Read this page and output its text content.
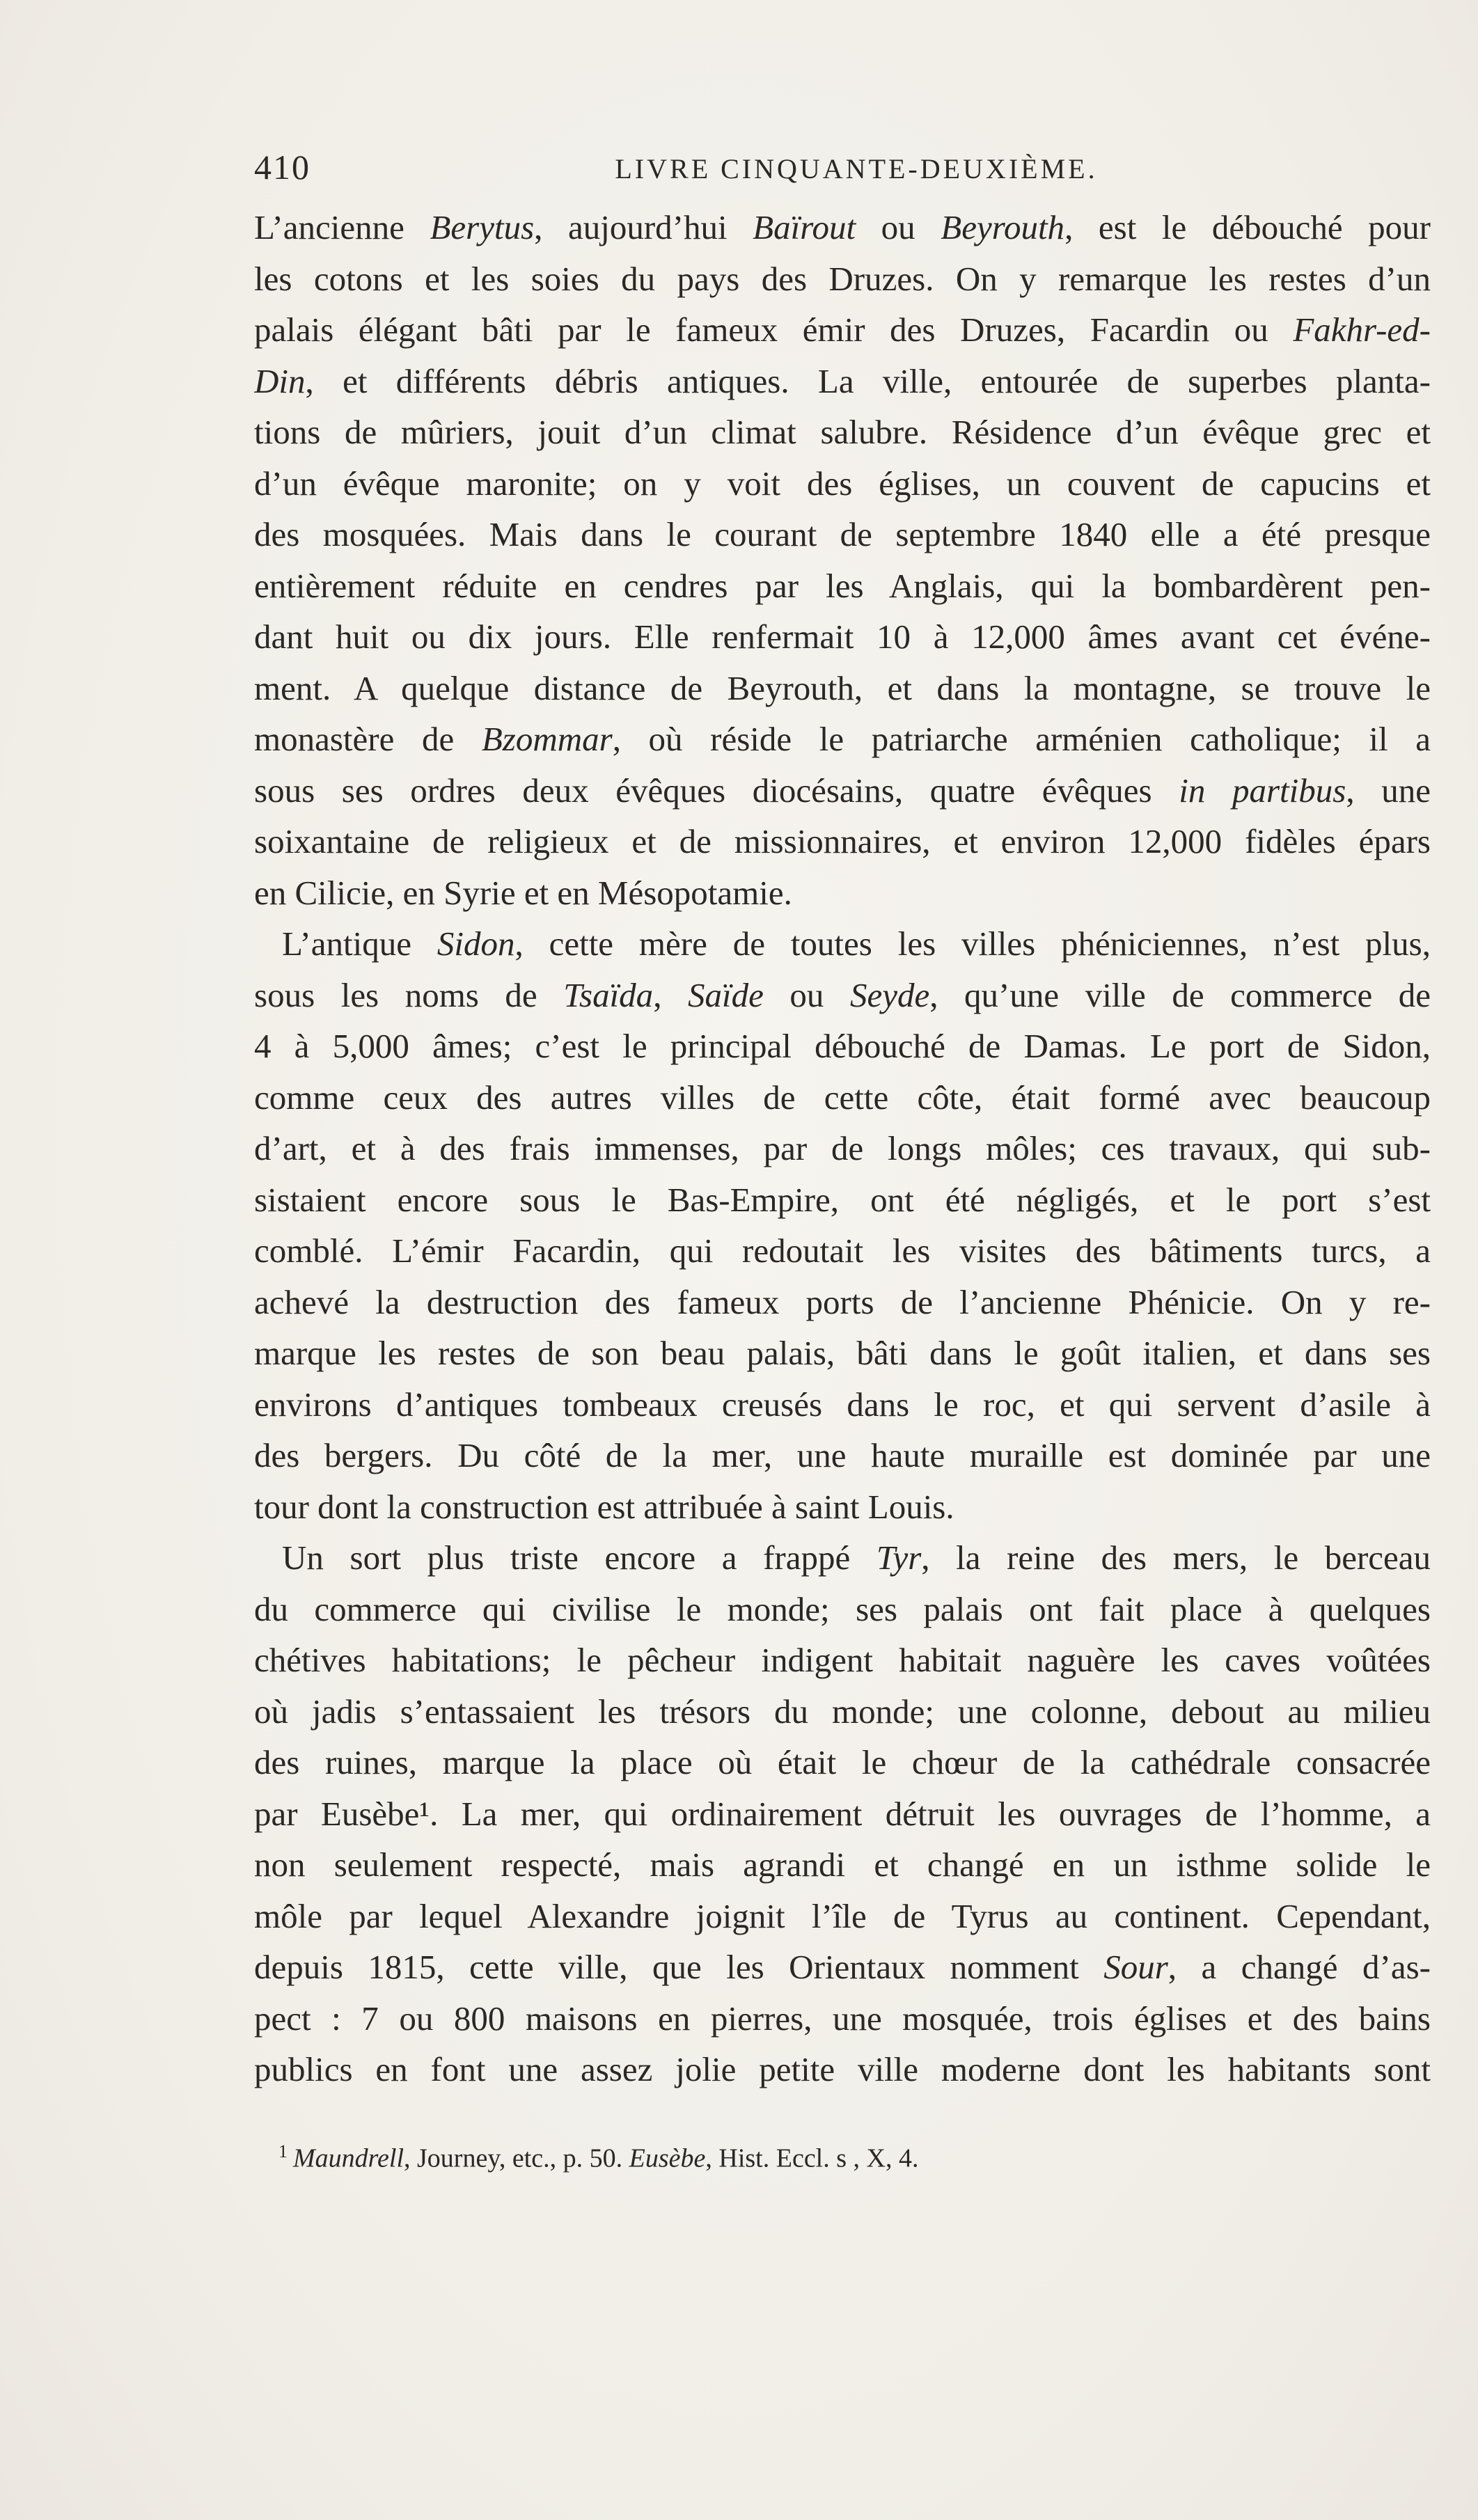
410	LIVRE CINQUANTE-DEUXIÈME.
L’ancienne Berytus, aujourd’hui Baïrout ou Beyrouth, est le débouché pour
les cotons et les soies du pays des Druzes. On y remarque les restes d’un
palais élégant bâti par le fameux émir des Druzes, Facardin ou Fakhr-ed-
Din, et différents débris antiques. La ville, entourée de superbes planta-
tions de mûriers, jouit d’un climat salubre. Résidence d’un évêque grec et
d’un évêque maronite; on y voit des églises, un couvent de capucins et
des mosquées. Mais dans le courant de septembre 1840 elle a été presque
entièrement réduite en cendres par les Anglais, qui la bombardèrent pen-
dant huit ou dix jours. Elle renfermait 10 à 12,000 âmes avant cet événe-
ment. A quelque distance de Beyrouth, et dans la montagne, se trouve le
monastère de Bzommar, où réside le patriarche arménien catholique; il a
sous ses ordres deux évêques diocésains, quatre évêques in partibus, une
soixantaine de religieux et de missionnaires, et environ 12,000 fidèles épars
en Cilicie, en Syrie et en Mésopotamie.
L’antique Sidon, cette mère de toutes les villes phéniciennes, n’est plus,
sous les noms de Tsaïda, Saïde ou Seyde, qu’une ville de commerce de
4 à 5,000 âmes; c’est le principal débouché de Damas. Le port de Sidon,
comme ceux des autres villes de cette côte, était formé avec beaucoup
d’art, et à des frais immenses, par de longs môles; ces travaux, qui sub-
sistaient encore sous le Bas-Empire, ont été négligés, et le port s’est
comblé. L’émir Facardin, qui redoutait les visites des bâtiments turcs, a
achevé la destruction des fameux ports de l’ancienne Phénicie. On y re-
marque les restes de son beau palais, bâti dans le goût italien, et dans ses
environs d’antiques tombeaux creusés dans le roc, et qui servent d’asile à
des bergers. Du côté de la mer, une haute muraille est dominée par une
tour dont la construction est attribuée à saint Louis.
Un sort plus triste encore a frappé Tyr, la reine des mers, le berceau
du commerce qui civilise le monde; ses palais ont fait place à quelques
chétives habitations; le pêcheur indigent habitait naguère les caves voûtées
où jadis s’entassaient les trésors du monde; une colonne, debout au milieu
des ruines, marque la place où était le chœur de la cathédrale consacrée
par Eusèbe¹. La mer, qui ordinairement détruit les ouvrages de l’homme, a
non seulement respecté, mais agrandi et changé en un isthme solide le
môle par lequel Alexandre joignit l’île de Tyrus au continent. Cependant,
depuis 1815, cette ville, que les Orientaux nomment Sour, a changé d’as-
pect : 7 ou 800 maisons en pierres, une mosquée, trois églises et des bains
publics en font une assez jolie petite ville moderne dont les habitants sont
$^1$ Maundrell, Journey, etc., p. 50. Eusèbe, Hist. Eccl. s , X, 4.
